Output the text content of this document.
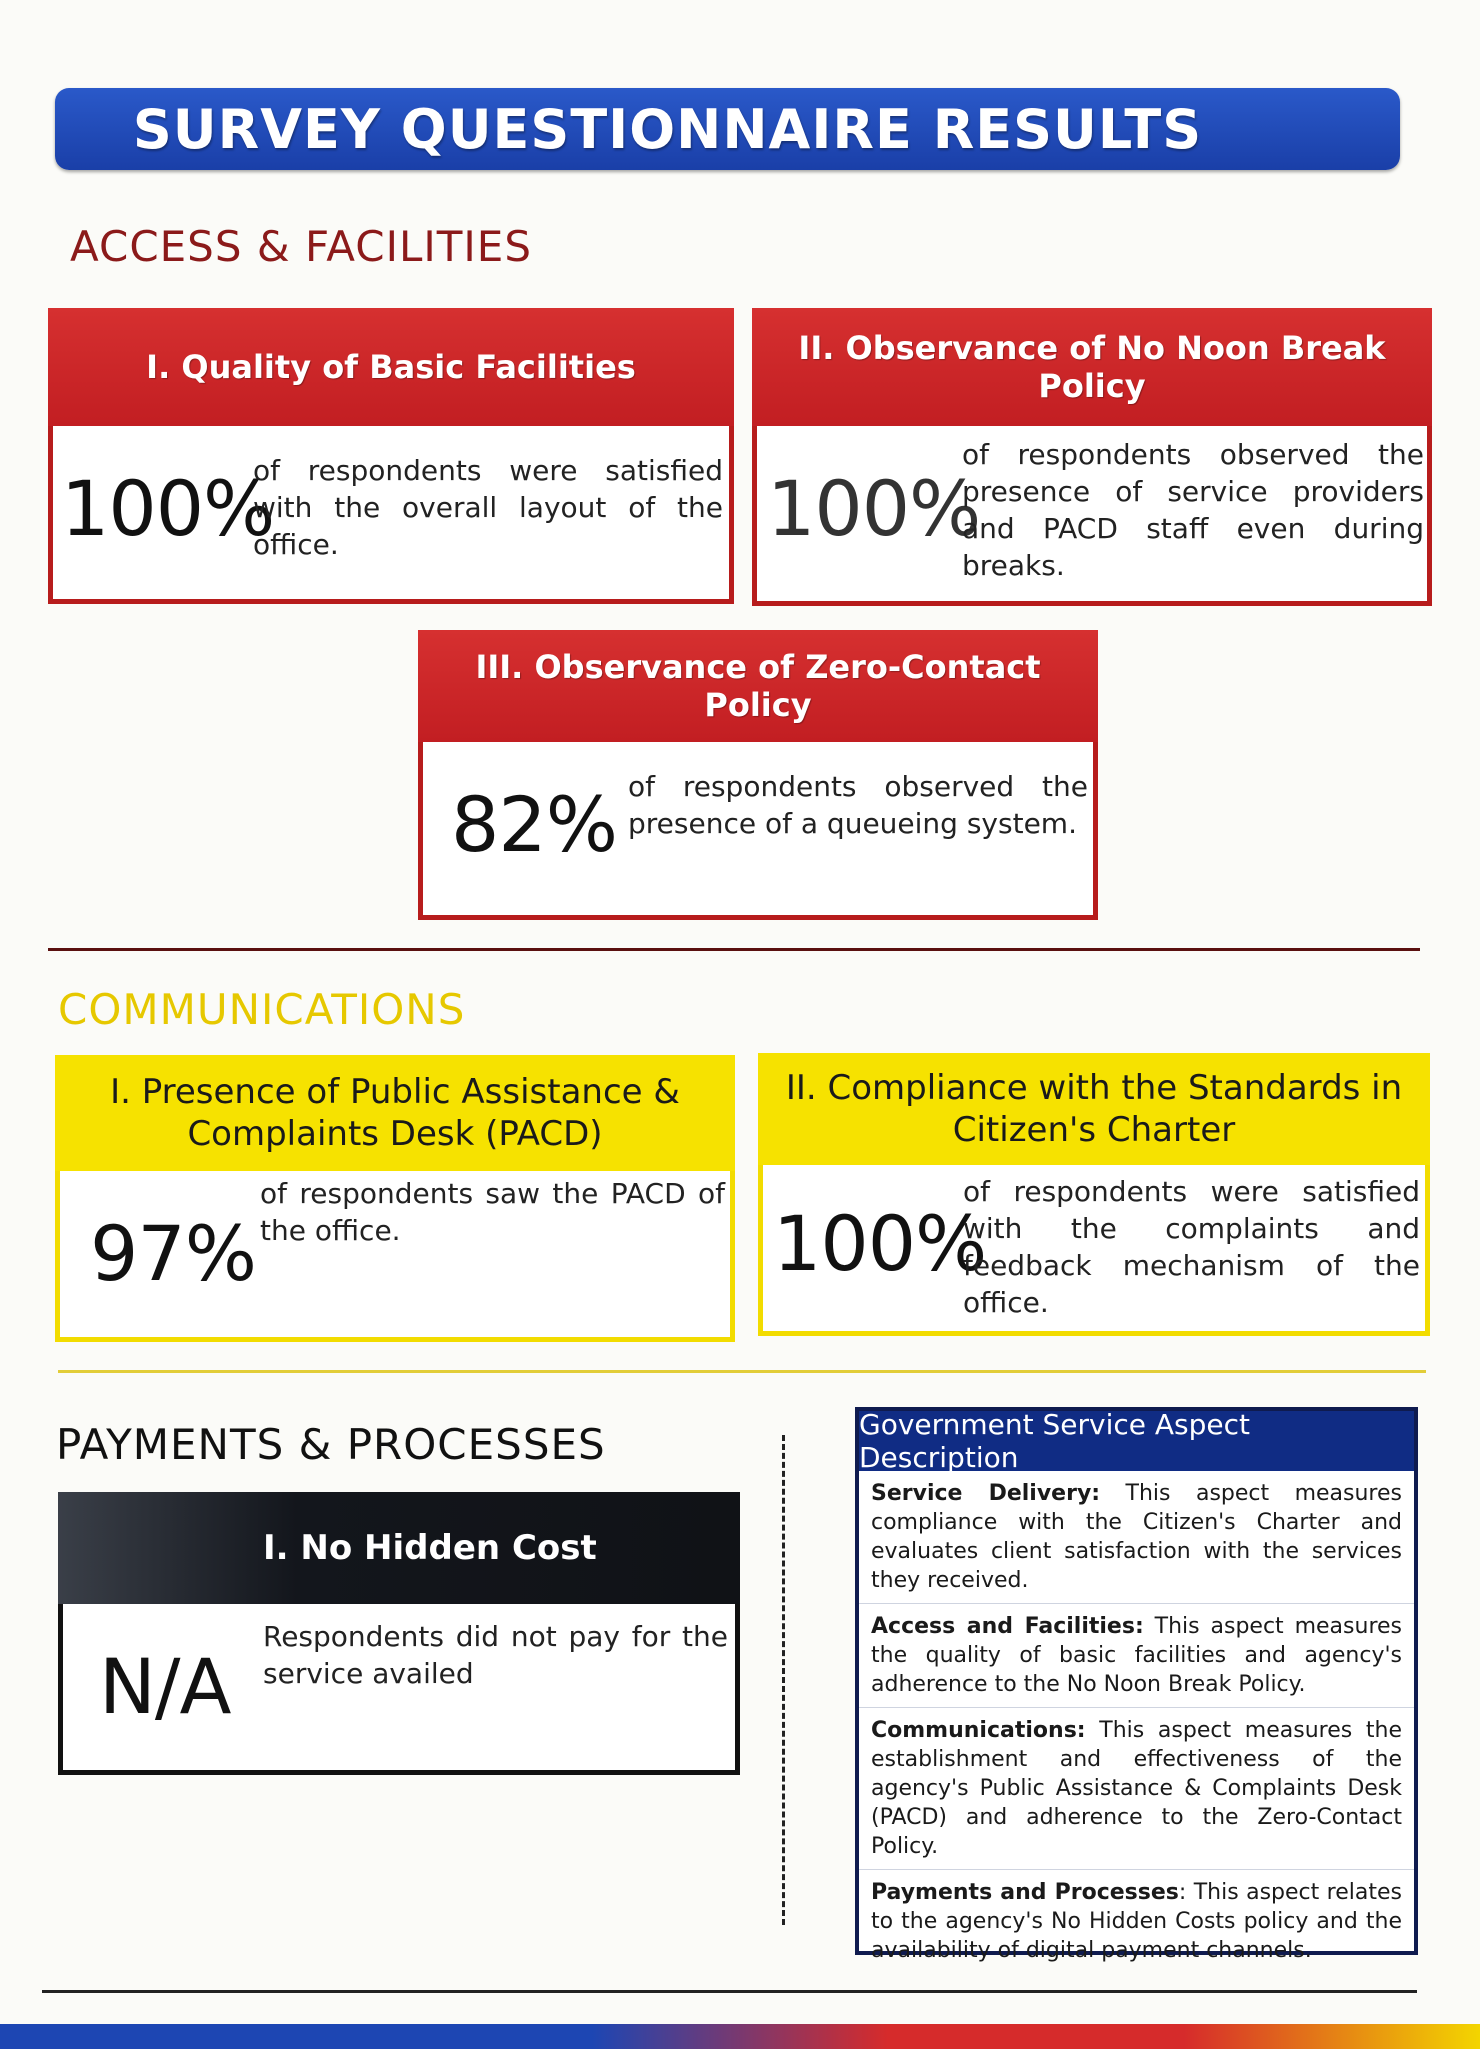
SURVEY QUESTIONNAIRE RESULTS
ACCESS & FACILITIES
I. Quality of Basic Facilities
100%
of respondents were satisfied with the overall layout of the office.
II. Observance of No Noon Break Policy
100%
of respondents observed the presence of service providers and PACD staff even during breaks.
III. Observance of Zero-Contact Policy
82% of respondents observed the presence of a queueing system.
COMMUNICATIONS
I. Presence of Public Assistance & Complaints Desk (PACD)
97%
of respondents saw the PACD of the office.
II. Compliance with the Standards in Citizen's Charter
100%
of respondents were satisfied with the complaints and feedback mechanism of the office.
PAYMENTS & PROCESSES
I. No Hidden Cost
N/A
Respondents did not pay for the service availed
Government Service Aspect Description
Service Delivery: This aspect measures compliance with the Citizen's Charter and evaluates client satisfaction with the services they received.
Access and Facilities: This aspect measures the quality of basic facilities and agency's adherence to the No Noon Break Policy.
Communications: This aspect measures the establishment and effectiveness of the agency's Public Assistance & Complaints Desk (PACD) and adherence to the Zero-Contact Policy.
Payments and Processes: This aspect relates to the agency's No Hidden Costs policy and the availability of digital payment channels.
